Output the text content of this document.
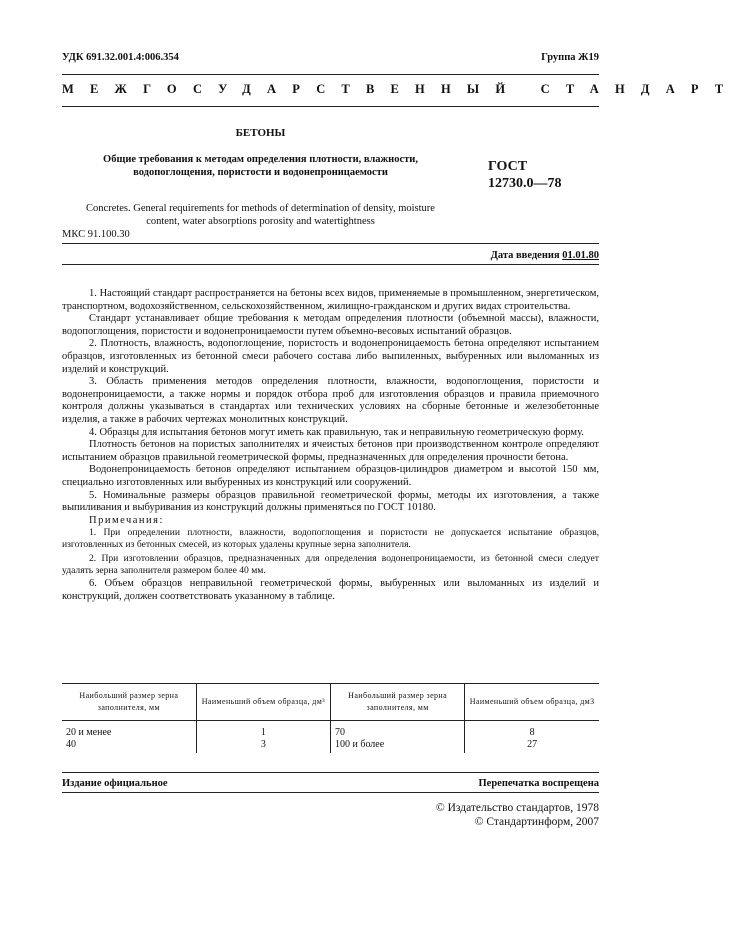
УДК 691.32.001.4:006.354	Группа Ж19
МЕЖГОСУДАРСТВЕННЫЙ СТАНДАРТ
БЕТОНЫ
Общие требования к методам определения плотности, влажности,
водопоглощения, пористости и водонепроницаемости	ГОСТ
12730.0—78
Concretes. General requirements for methods of determination of density, moisture
content, water absorptions porosity and watertightness
МКС 91.100.30
Дата введения 01.01.80

1. Настоящий стандарт распространяется на бетоны всех видов, применяемые в промышленном, энергетическом, транспортном, водохозяйственном, сельскохозяйственном, жилищно-гражданском и других видах строительства.

Стандарт устанавливает общие требования к методам определения плотности (объемной массы), влажности, водопоглощения, пористости и водонепроницаемости путем объемно-весовых испытаний образцов.

2. Плотность, влажность, водопоглощение, пористость и водонепроницаемость бетона определяют испытанием образцов, изготовленных из бетонной смеси рабочего состава либо выпиленных, выбуренных или выломанных из изделий и конструкций.

3. Область применения методов определения плотности, влажности, водопоглощения, пористости и водонепроницаемости, а также нормы и порядок отбора проб для изготовления образцов и правила приемочного контроля должны указываться в стандартах или технических условиях на сборные бетонные и железобетонные изделия, а также в рабочих чертежах монолитных конструкций.

4. Образцы для испытания бетонов могут иметь как правильную, так и неправильную геометрическую форму.

Плотность бетонов на пористых заполнителях и ячеистых бетонов при производственном контроле определяют испытанием образцов правильной геометрической формы, предназначенных для определения прочности бетона.

Водонепроницаемость бетонов определяют испытанием образцов-цилиндров диаметром и высотой 150 мм, специально изготовленных или выбуренных из конструкций или сооружений.

5. Номинальные размеры образцов правильной геометрической формы, методы их изготовления, а также выпиливания и выбуривания из конструкций должны применяться по ГОСТ 10180.

Примечания:

1. При определении плотности, влажности, водопоглощения и пористости не допускается испытание образцов, изготовленных из бетонных смесей, из которых удалены крупные зерна заполнителя.

2. При изготовлении образцов, предназначенных для определения водонепроницаемости, из бетонной смеси следует удалять зерна заполнителя размером более 40 мм.

6. Объем образцов неправильной геометрической формы, выбуренных или выломанных из изделий и конструкций, должен соответствовать указанному в таблице.

Наибольший размер зерна заполнителя, мм	Наименьший объем образца, дм³	Наибольший размер зерна заполнителя, мм	Наименьший объем образца, дм3
20 и менее	1	70	8
40	3	100 и более	27
Издание официальное	Перепечатка воспрещена
© Издательство стандартов, 1978
© Стандартинформ, 2007
